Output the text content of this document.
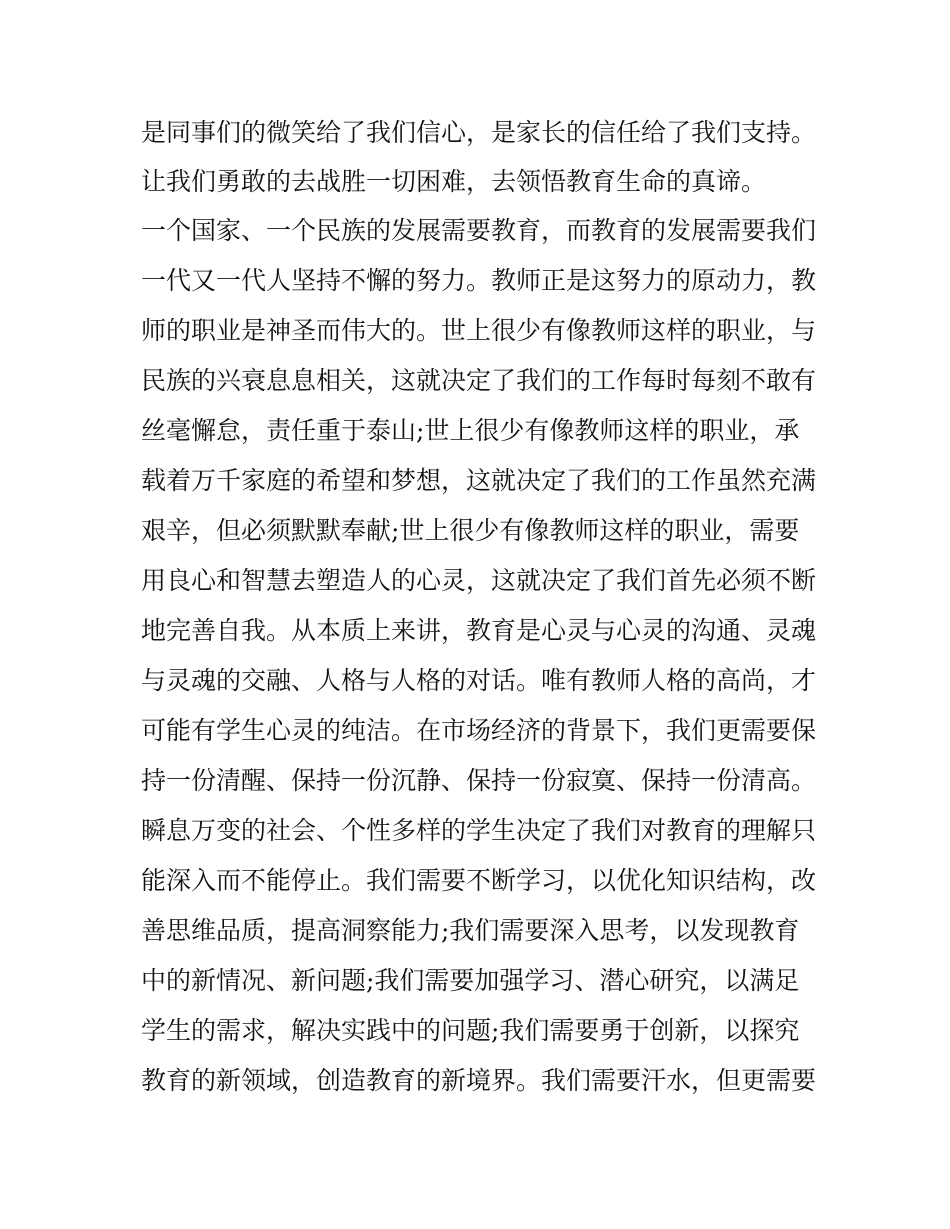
是同事们的微笑给了我们信心，是家长的信任给了我们支持。
让我们勇敢的去战胜一切困难，去领悟教育生命的真谛。
一个国家、一个民族的发展需要教育，而教育的发展需要我们
一代又一代人坚持不懈的努力。教师正是这努力的原动力，教
师的职业是神圣而伟大的。世上很少有像教师这样的职业，与
民族的兴衰息息相关，这就决定了我们的工作每时每刻不敢有
丝毫懈怠，责任重于泰山;世上很少有像教师这样的职业，承
载着万千家庭的希望和梦想，这就决定了我们的工作虽然充满
艰辛，但必须默默奉献;世上很少有像教师这样的职业，需要
用良心和智慧去塑造人的心灵，这就决定了我们首先必须不断
地完善自我。从本质上来讲，教育是心灵与心灵的沟通、灵魂
与灵魂的交融、人格与人格的对话。唯有教师人格的高尚，才
可能有学生心灵的纯洁。在市场经济的背景下，我们更需要保
持一份清醒、保持一份沉静、保持一份寂寞、保持一份清高。
瞬息万变的社会、个性多样的学生决定了我们对教育的理解只
能深入而不能停止。我们需要不断学习，以优化知识结构，改
善思维品质，提高洞察能力;我们需要深入思考，以发现教育
中的新情况、新问题;我们需要加强学习、潜心研究，以满足
学生的需求，解决实践中的问题;我们需要勇于创新，以探究
教育的新领域，创造教育的新境界。我们需要汗水，但更需要
